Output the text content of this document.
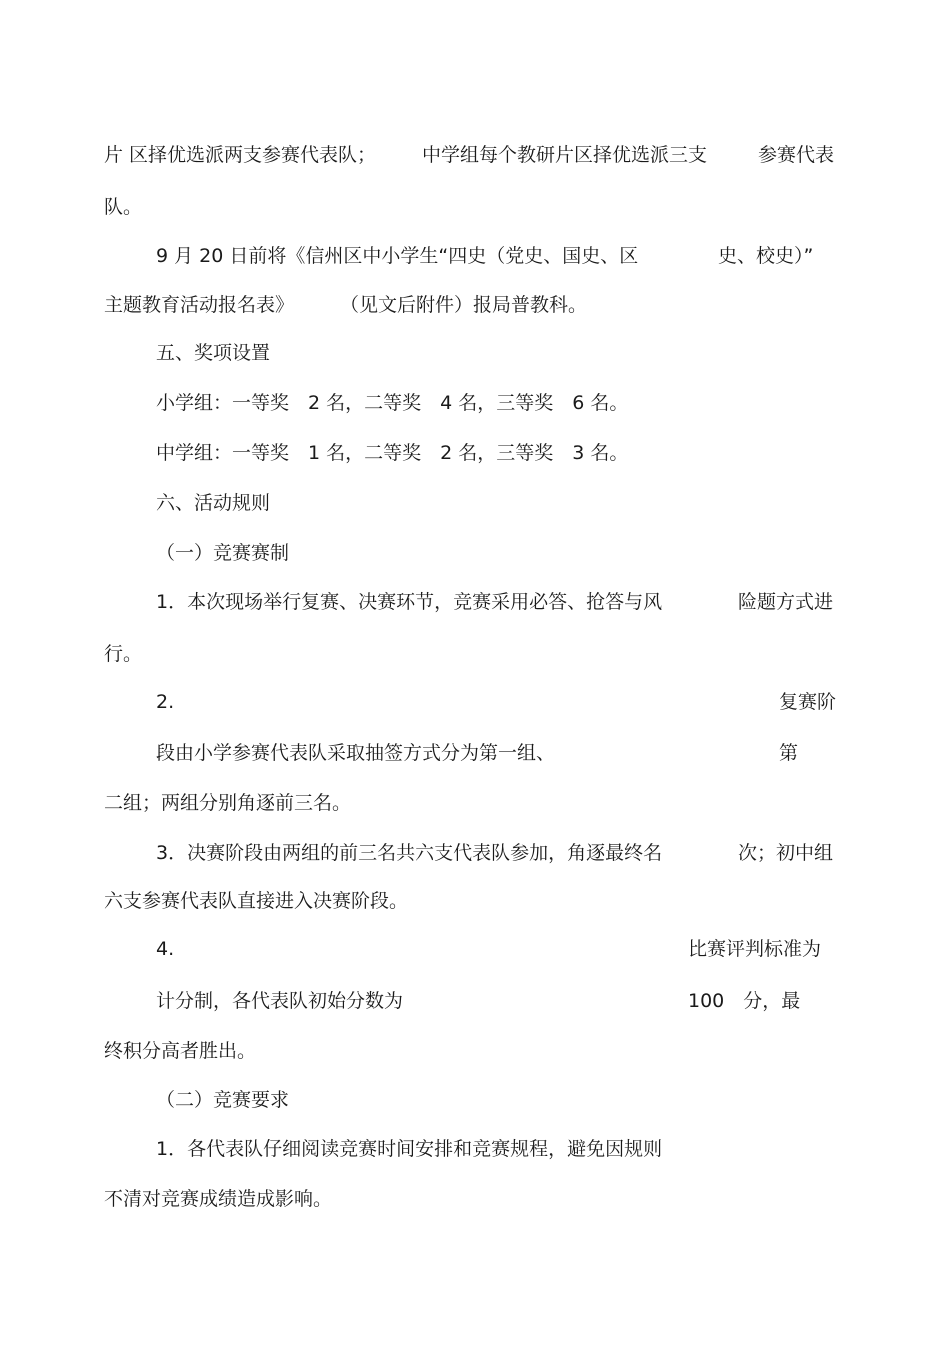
片 区择优选派两支参赛代表队； 中学组每个教研片区择优选派三支	参赛代表
队。
9 月 20 日前将《信州区中小学生“四史（党史、国史、区	史、校史）”
主题教育活动报名表》 （见文后附件）报局普教科。
五、奖项设置
小学组：一等奖　2 名，二等奖　4 名，三等奖　6 名。
中学组：一等奖　1 名，二等奖　2 名，三等奖　3 名。
六、活动规则
（一）竞赛赛制
1．本次现场举行复赛、决赛环节，竞赛采用必答、抢答与风	险题方式进
行。
2.	复赛阶
段由小学参赛代表队采取抽签方式分为第一组、	第
二组；两组分别角逐前三名。
3．决赛阶段由两组的前三名共六支代表队参加，角逐最终名	次；初中组
六支参赛代表队直接进入决赛阶段。
4.	比赛评判标准为
计分制，各代表队初始分数为	100　分，最
终积分高者胜出。
（二）竞赛要求
1．各代表队仔细阅读竞赛时间安排和竞赛规程，避免因规则
不清对竞赛成绩造成影响。
